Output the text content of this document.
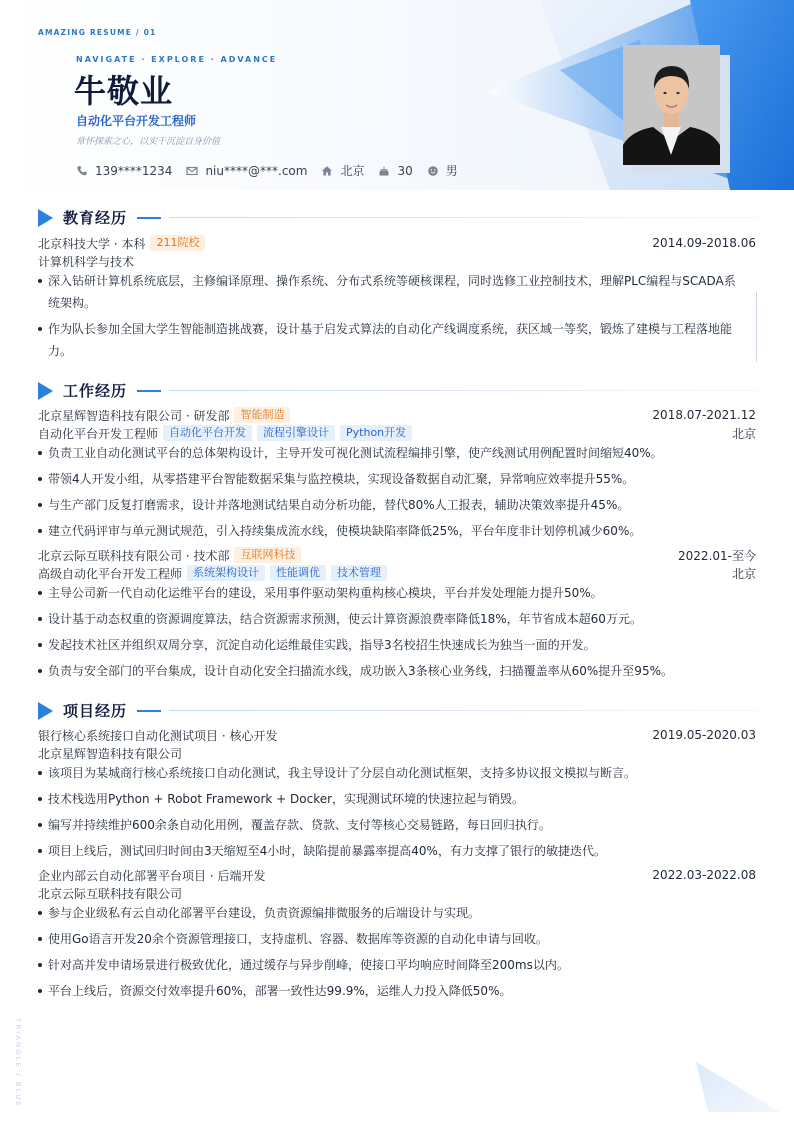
AMAZING RESUME / 01
NAVIGATE · EXPLORE · ADVANCE
牛敬业
自动化平台开发工程师
常怀探索之心，以实干沉淀自身价值
139****1234	niu****@***.com	北京	30	男
教育经历
北京科技大学 · 本科	211院校	2014.09-2018.06
计算机科学与技术
深入钻研计算机系统底层，主修编译原理、操作系统、分布式系统等硬核课程，同时选修工业控制技术，理解PLC编程与SCADA系统架构。
作为队长参加全国大学生智能制造挑战赛，设计基于启发式算法的自动化产线调度系统，获区域一等奖，锻炼了建模与工程落地能力。
工作经历
北京星辉智造科技有限公司 · 研发部	智能制造	2018.07-2021.12
自动化平台开发工程师	自动化平台开发	流程引擎设计	Python开发	北京
负责工业自动化测试平台的总体架构设计，主导开发可视化测试流程编排引擎，使产线测试用例配置时间缩短40%。
带领4人开发小组，从零搭建平台智能数据采集与监控模块，实现设备数据自动汇聚，异常响应效率提升55%。
与生产部门反复打磨需求，设计并落地测试结果自动分析功能，替代80%人工报表，辅助决策效率提升45%。
建立代码评审与单元测试规范，引入持续集成流水线，使模块缺陷率降低25%，平台年度非计划停机减少60%。
北京云际互联科技有限公司 · 技术部	互联网科技	2022.01-至今
高级自动化平台开发工程师	系统架构设计	性能调优	技术管理	北京
主导公司新一代自动化运维平台的建设，采用事件驱动架构重构核心模块，平台并发处理能力提升50%。
设计基于动态权重的资源调度算法，结合资源需求预测，使云计算资源浪费率降低18%，年节省成本超60万元。
发起技术社区并组织双周分享，沉淀自动化运维最佳实践，指导3名校招生快速成长为独当一面的开发。
负责与安全部门的平台集成，设计自动化安全扫描流水线，成功嵌入3条核心业务线，扫描覆盖率从60%提升至95%。
项目经历
银行核心系统接口自动化测试项目 · 核心开发	2019.05-2020.03
北京星辉智造科技有限公司
该项目为某城商行核心系统接口自动化测试，我主导设计了分层自动化测试框架，支持多协议报文模拟与断言。
技术栈选用Python + Robot Framework + Docker，实现测试环境的快速拉起与销毁。
编写并持续维护600余条自动化用例，覆盖存款、贷款、支付等核心交易链路，每日回归执行。
项目上线后，测试回归时间由3天缩短至4小时，缺陷提前暴露率提高40%，有力支撑了银行的敏捷迭代。
企业内部云自动化部署平台项目 · 后端开发	2022.03-2022.08
北京云际互联科技有限公司
参与企业级私有云自动化部署平台建设，负责资源编排微服务的后端设计与实现。
使用Go语言开发20余个资源管理接口，支持虚机、容器、数据库等资源的自动化申请与回收。
针对高并发申请场景进行极致优化，通过缓存与异步削峰，使接口平均响应时间降至200ms以内。
平台上线后，资源交付效率提升60%，部署一致性达99.9%，运维人力投入降低50%。
TRIANGLE / BLUE
